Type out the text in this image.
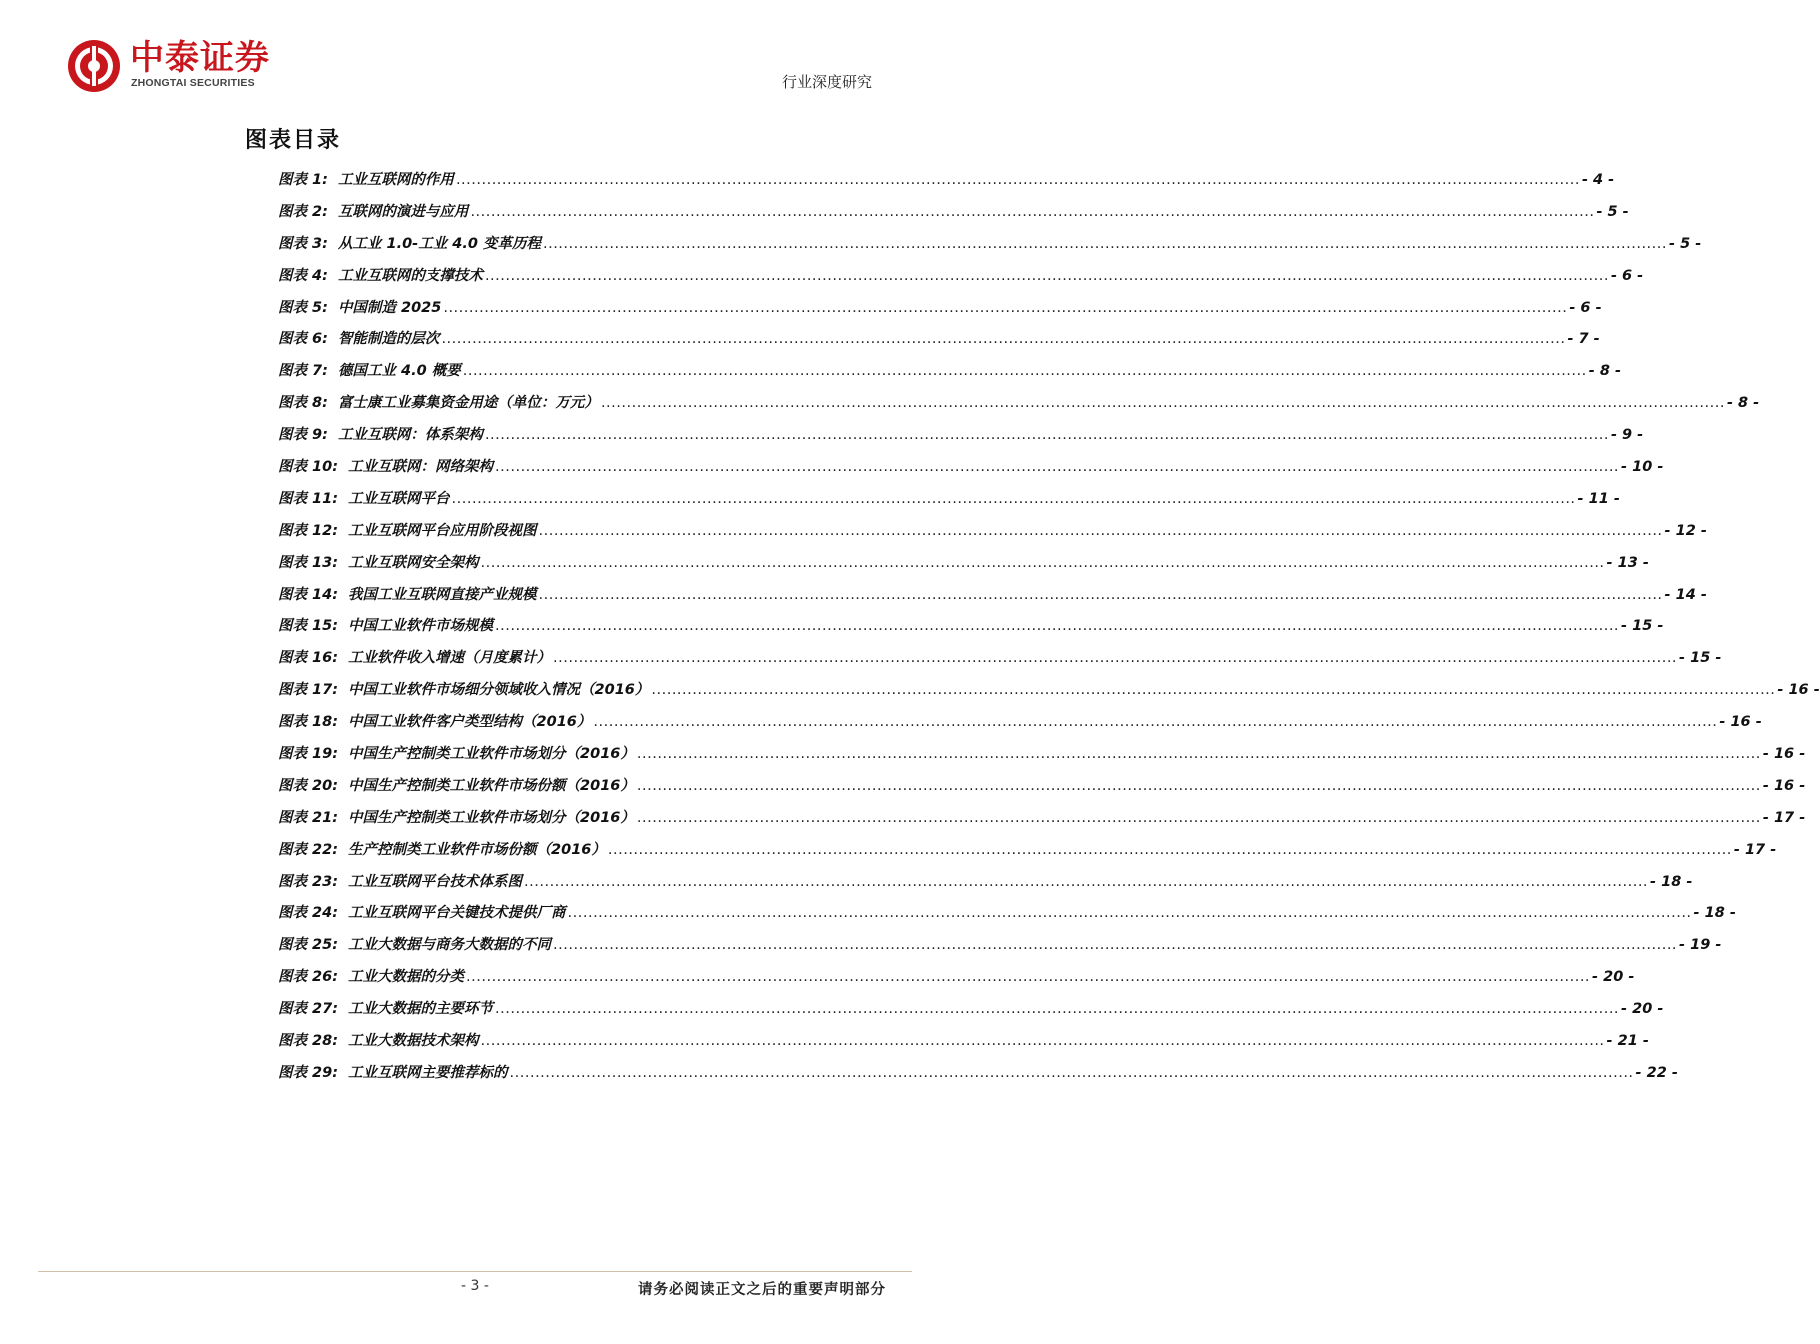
中泰证券
ZHONGTAI SECURITIES	行业深度研究
图表目录
图表 1: 工业互联网的作用 ............................................................................................................................................................................................................................ - 4 -
图表 2: 互联网的演进与应用 ............................................................................................................................................................................................................................ - 5 -
图表 3: 从工业 1.0-工业 4.0 变革历程 ............................................................................................................................................................................................................................ - 5 -
图表 4: 工业互联网的支撑技术 ............................................................................................................................................................................................................................ - 6 -
图表 5: 中国制造 2025 ............................................................................................................................................................................................................................ - 6 -
图表 6: 智能制造的层次 ............................................................................................................................................................................................................................ - 7 -
图表 7: 德国工业 4.0 概要 ............................................................................................................................................................................................................................ - 8 -
图表 8: 富士康工业募集资金用途（单位：万元） ............................................................................................................................................................................................................................ - 8 -
图表 9: 工业互联网：体系架构 ............................................................................................................................................................................................................................ - 9 -
图表 10: 工业互联网：网络架构 ............................................................................................................................................................................................................................ - 10 -
图表 11: 工业互联网平台 ............................................................................................................................................................................................................................ - 11 -
图表 12: 工业互联网平台应用阶段视图 ............................................................................................................................................................................................................................ - 12 -
图表 13: 工业互联网安全架构 ............................................................................................................................................................................................................................ - 13 -
图表 14: 我国工业互联网直接产业规模 ............................................................................................................................................................................................................................ - 14 -
图表 15: 中国工业软件市场规模 ............................................................................................................................................................................................................................ - 15 -
图表 16: 工业软件收入增速（月度累计） ............................................................................................................................................................................................................................ - 15 -
图表 17: 中国工业软件市场细分领域收入情况（2016） ............................................................................................................................................................................................................................ - 16 -
图表 18: 中国工业软件客户类型结构（2016） ............................................................................................................................................................................................................................ - 16 -
图表 19: 中国生产控制类工业软件市场划分（2016） ............................................................................................................................................................................................................................ - 16 -
图表 20: 中国生产控制类工业软件市场份额（2016） ............................................................................................................................................................................................................................ - 16 -
图表 21: 中国生产控制类工业软件市场划分（2016） ............................................................................................................................................................................................................................ - 17 -
图表 22: 生产控制类工业软件市场份额（2016） ............................................................................................................................................................................................................................ - 17 -
图表 23: 工业互联网平台技术体系图 ............................................................................................................................................................................................................................ - 18 -
图表 24: 工业互联网平台关键技术提供厂商 ............................................................................................................................................................................................................................ - 18 -
图表 25: 工业大数据与商务大数据的不同 ............................................................................................................................................................................................................................ - 19 -
图表 26: 工业大数据的分类 ............................................................................................................................................................................................................................ - 20 -
图表 27: 工业大数据的主要环节 ............................................................................................................................................................................................................................ - 20 -
图表 28: 工业大数据技术架构 ............................................................................................................................................................................................................................ - 21 -
图表 29: 工业互联网主要推荐标的 ............................................................................................................................................................................................................................ - 22 -
- 3 -	请务必阅读正文之后的重要声明部分
